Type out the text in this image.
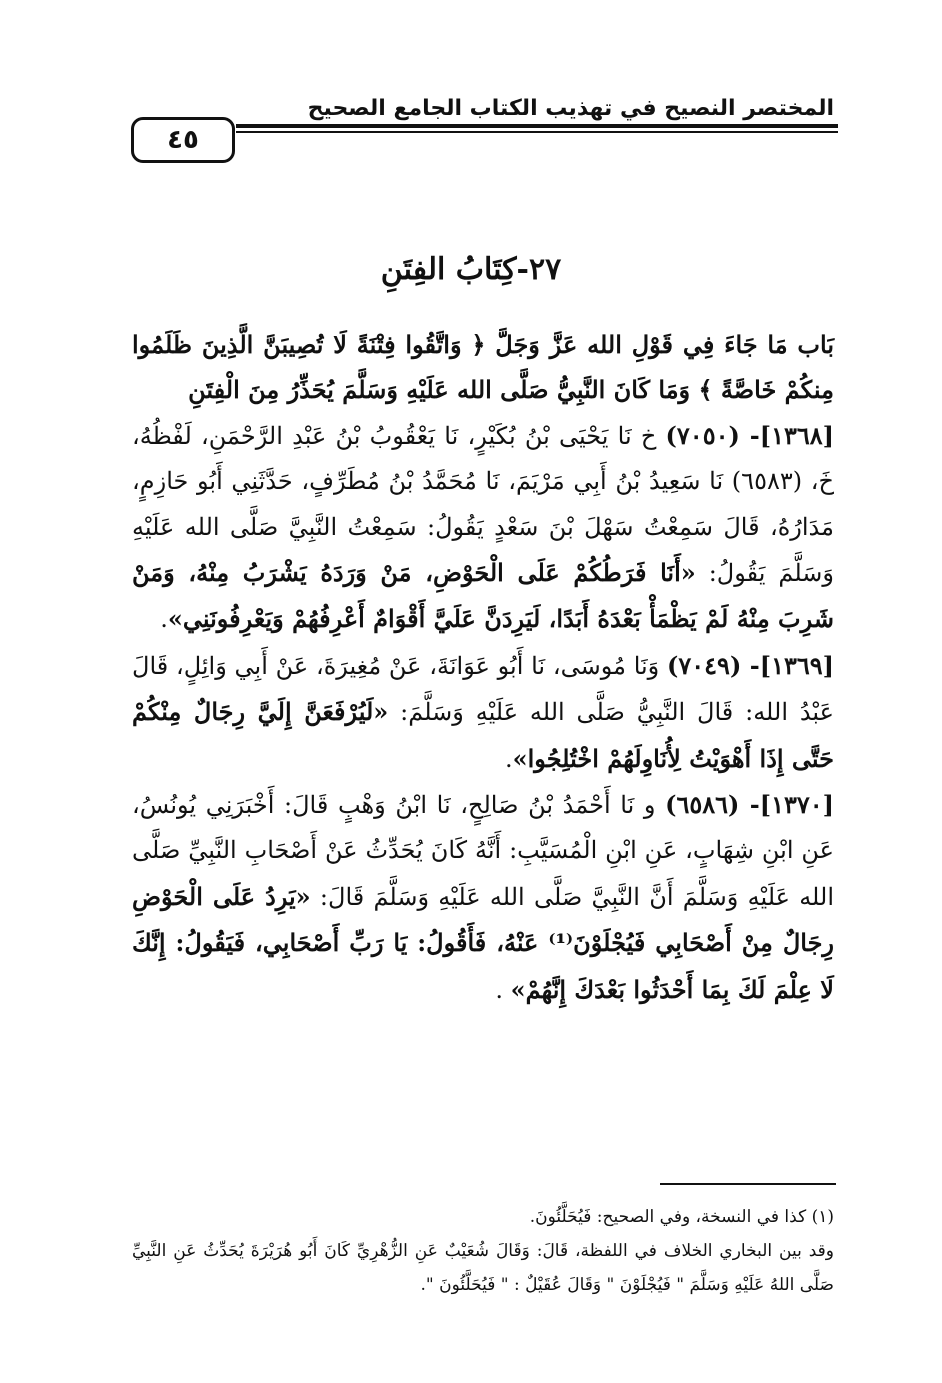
المختصر النصيح في تهذيب الكتاب الجامع الصحيح
٤٥
٢٧-كِتَابُ الفِتَنِ

بَاب مَا جَاءَ فِي قَوْلِ الله عَزَّ وَجَلَّ ﴿ وَاتَّقُوا فِتْنَةً لَا تُصِيبَنَّ الَّذِينَ ظَلَمُوا مِنكُمْ خَاصَّةً ﴾ وَمَا كَانَ النَّبِيُّ صَلَّى الله عَلَيْهِ وَسَلَّمَ يُحَذِّرُ مِنَ الْفِتَنِ

[١٣٦٨]- (٧٠٥٠) خ نَا يَحْيَى بْنُ بُكَيْرٍ، نَا يَعْقُوبُ بْنُ عَبْدِ الرَّحْمَنِ، لَفْظُهُ، خَ، (٦٥٨٣) نَا سَعِيدُ بْنُ أَبِي مَرْيَمَ، نَا مُحَمَّدُ بْنُ مُطَرِّفٍ، حَدَّثَنِي أَبُو حَازِمٍ، مَدَارُهُ، قَالَ سَمِعْتُ سَهْلَ بْنَ سَعْدٍ يَقُولُ: سَمِعْتُ النَّبِيَّ صَلَّى الله عَلَيْهِ وَسَلَّمَ يَقُولُ: «أَنَا فَرَطُكُمْ عَلَى الْحَوْضِ، مَنْ وَرَدَهُ يَشْرَبُ مِنْهُ، وَمَنْ شَرِبَ مِنْهُ لَمْ يَظْمَأْ بَعْدَهُ أَبَدًا، لَيَرِدَنَّ عَلَيَّ أَقْوَامٌ أَعْرِفُهُمْ وَيَعْرِفُونَنِي».

[١٣٦٩]- (٧٠٤٩) وَنَا مُوسَى، نَا أَبُو عَوَانَةَ، عَنْ مُغِيرَةَ، عَنْ أَبِي وَائِلٍ، قَالَ عَبْدُ الله: قَالَ النَّبِيُّ صَلَّى الله عَلَيْهِ وَسَلَّمَ: «لَيُرْفَعَنَّ إِلَيَّ رِجَالٌ مِنْكُمْ حَتَّى إِذَا أَهْوَيْتُ لِأُنَاوِلَهُمْ اخْتُلِجُوا».

[١٣٧٠]- (٦٥٨٦) و نَا أَحْمَدُ بْنُ صَالِحٍ، نَا ابْنُ وَهْبٍ قَالَ: أَخْبَرَنِي يُونُسُ، عَنِ ابْنِ شِهَابٍ، عَنِ ابْنِ الْمُسَيَّبِ: أَنَّهُ كَانَ يُحَدِّثُ عَنْ أَصْحَابِ النَّبِيِّ صَلَّى الله عَلَيْهِ وَسَلَّمَ أَنَّ النَّبِيَّ صَلَّى الله عَلَيْهِ وَسَلَّمَ قَالَ: «يَرِدُ عَلَى الْحَوْضِ رِجَالٌ مِنْ أَصْحَابِي فَيُجْلَوْنَ⁽¹⁾ عَنْهُ، فَأَقُولُ: يَا رَبِّ أَصْحَابِي، فَيَقُولُ: إِنَّكَ لَا عِلْمَ لَكَ بِمَا أَحْدَثُوا بَعْدَكَ إِنَّهُمْ» .

(١) كذا في النسخة، وفي الصحيح: فَيُحَلَّئُونَ.

وقد بين البخاري الخلاف في اللفظة، قَالَ: وَقَالَ شُعَيْبٌ عَنِ الزُّهْرِيِّ كَانَ أَبُو هُرَيْرَةَ يُحَدِّثُ عَنِ النَّبِيِّ صَلَّى اللهُ عَلَيْهِ وَسَلَّمَ " فَيُجْلَوْنَ " وَقَالَ عُقَيْلٌ : " فَيُحَلَّئُونَ ".
